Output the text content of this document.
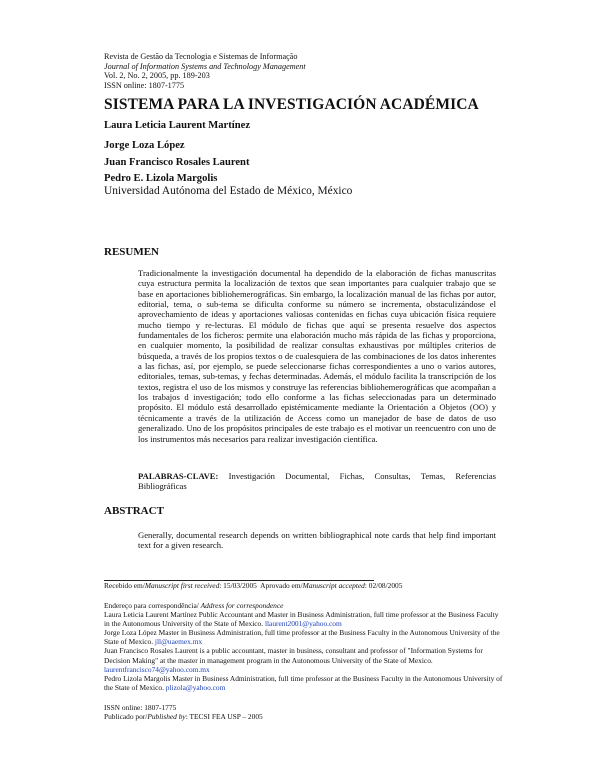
Revista de Gestão da Tecnologia e Sistemas de Informação
Journal of Information Systems and Technology Management
Vol. 2, No. 2, 2005, pp. 189-203
ISSN online: 1807-1775
SISTEMA PARA LA INVESTIGACIÓN ACADÉMICA
Laura Leticia Laurent Martínez
Jorge Loza López
Juan Francisco Rosales Laurent
Pedro E. Lizola Margolis
Universidad Autónoma del Estado de México, México
RESUMEN
Tradicionalmente la investigación documental ha dependido de la elaboración de fichas manuscritas cuya estructura permita la localización de textos que sean importantes para cualquier trabajo que se base en aportaciones bibliohemerográficas. Sin embargo, la localización manual de las fichas por autor, editorial, tema, o sub-tema se dificulta conforme su número se incrementa, obstaculizándose el aprovechamiento de ideas y aportaciones valiosas contenidas en fichas cuya ubicación física requiere mucho tiempo y re-lecturas. El módulo de fichas que aquí se presenta resuelve dos aspectos fundamentales de los ficheros: permite una elaboración mucho más rápida de las fichas y proporciona, en cualquier momento, la posibilidad de realizar consultas exhaustivas por múltiples criterios de búsqueda, a través de los propios textos o de cualesquiera de las combinaciones de los datos inherentes a las fichas, así, por ejemplo, se puede seleccionarse fichas correspondientes a uno o varios autores, editoriales, temas, sub-temas, y fechas determinadas. Además, el módulo facilita la transcripción de los textos, registra el uso de los mismos y construye las referencias bibliohemerográficas que acompañan a los trabajos d investigación; todo ello conforme a las fichas seleccionadas para un determinado propósito. El módulo está desarrollado epistémicamente mediante la Orientación a Objetos (OO) y técnicamente a través de la utilización de Access como un manejador de base de datos de uso generalizado. Uno de los propósitos principales de este trabajo es el motivar un reencuentro con uno de los instrumentos más necesarios para realizar investigación científica.
PALABRAS-CLAVE: Investigación Documental, Fichas, Consultas, Temas, Referencias Bibliográficas
ABSTRACT
Generally, documental research depends on written bibliographical note cards that help find important text for a given research.
Recebido em/Manuscript first received: 15/03/2005 Aprovado em/Manuscript accepted: 02/08/2005
Endereço para correspondência/ Address for correspondence
Laura Leticia Laurent Martínez Public Accountant and Master in Business Administration, full time professor at the Business Faculty in the Autonomous University of the State of Mexico. llaurent2001@yahoo.com
Jorge Loza López Master in Business Administration, full time professor at the Business Faculty in the Autonomous University of the State of Mexico. jll@uaemex.mx
Juan Francisco Rosales Laurent is a public accountant, master in business, consultant and professor of "Information Systems for Decision Making" at the master in management program in the Autonomous University of the State of Mexico. laurentfrancisco74@yahoo.com.mx
Pedro Lizola Margolis Master in Business Administration, full time professor at the Business Faculty in the Autonomous University of the State of Mexico. plizola@yahoo.com
ISSN online: 1807-1775
Publicado por/Published by: TECSI FEA USP – 2005
